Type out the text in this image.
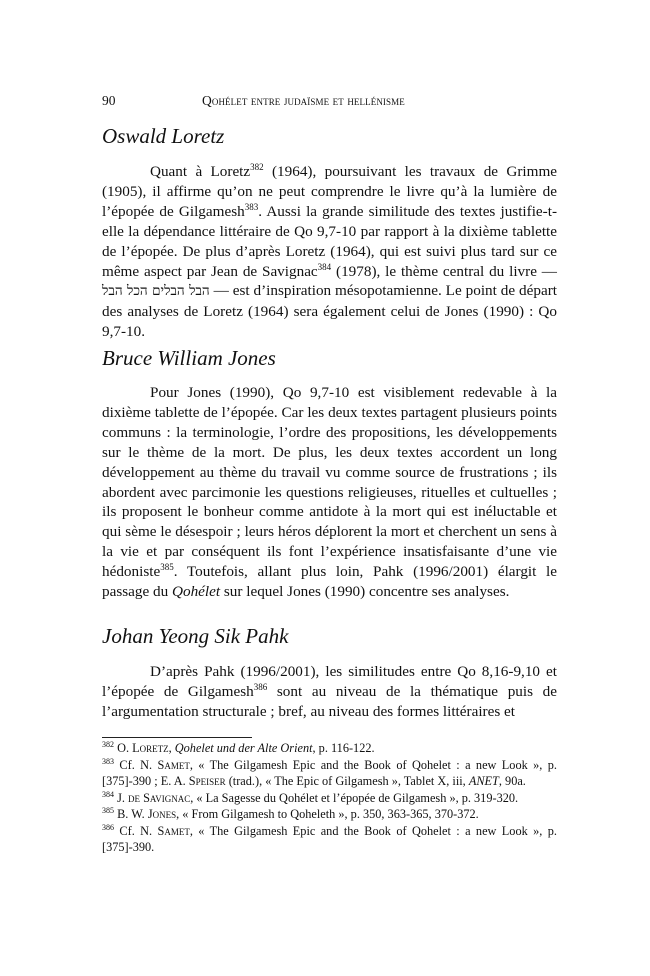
90	Qohélet entre judaïsme et hellénisme
Oswald Loretz

Quant à Loretz$^{382}$ (1964), poursuivant les travaux de Grimme (1905), il affirme qu’on ne peut comprendre le livre qu’à la lumière de l’épopée de Gilgamesh$^{383}$. Aussi la grande similitude des textes justifie-t-elle la dépendance littéraire de Qo 9,7-10 par rapport à la dixième tablette de l’épopée. De plus d’après Loretz (1964), qui est suivi plus tard sur ce même aspect par Jean de Savignac$^{384}$ (1978), le thème central du livre — הבל הבלים הכל הבל — est d’inspiration mésopotamienne. Le point de départ des analyses de Loretz (1964) sera également celui de Jones (1990) : Qo 9,7-10.

Bruce William Jones

Pour Jones (1990), Qo 9,7-10 est visiblement redevable à la dixième tablette de l’épopée. Car les deux textes partagent plusieurs points communs : la terminologie, l’ordre des propositions, les développements sur le thème de la mort. De plus, les deux textes accordent un long développement au thème du travail vu comme source de frustrations ; ils abordent avec parcimonie les questions religieuses, rituelles et cultuelles ; ils proposent le bonheur comme antidote à la mort qui est inéluctable et qui sème le désespoir ; leurs héros déplorent la mort et cherchent un sens à la vie et par conséquent ils font l’expérience insatisfaisante d’une vie hédoniste$^{385}$. Toutefois, allant plus loin, Pahk (1996/2001) élargit le passage du Qohélet sur lequel Jones (1990) concentre ses analyses.

Johan Yeong Sik Pahk

D’après Pahk (1996/2001), les similitudes entre Qo 8,16-9,10 et l’épopée de Gilgamesh$^{386}$ sont au niveau de la thématique puis de l’argumentation structurale ; bref, au niveau des formes littéraires et

$^{382}$ O. Loretz, Qohelet und der Alte Orient, p. 116-122.

$^{383}$ Cf. N. Samet, « The Gilgamesh Epic and the Book of Qohelet : a new Look », p. [375]-390 ; E. A. Speiser (trad.), « The Epic of Gilgamesh », Tablet X, iii, ANET, 90a.

$^{384}$ J. de Savignac, « La Sagesse du Qohélet et l’épopée de Gilgamesh », p. 319-320.

$^{385}$ B. W. Jones, « From Gilgamesh to Qoheleth », p. 350, 363-365, 370-372.

$^{386}$ Cf. N. Samet, « The Gilgamesh Epic and the Book of Qohelet : a new Look », p. [375]-390.
